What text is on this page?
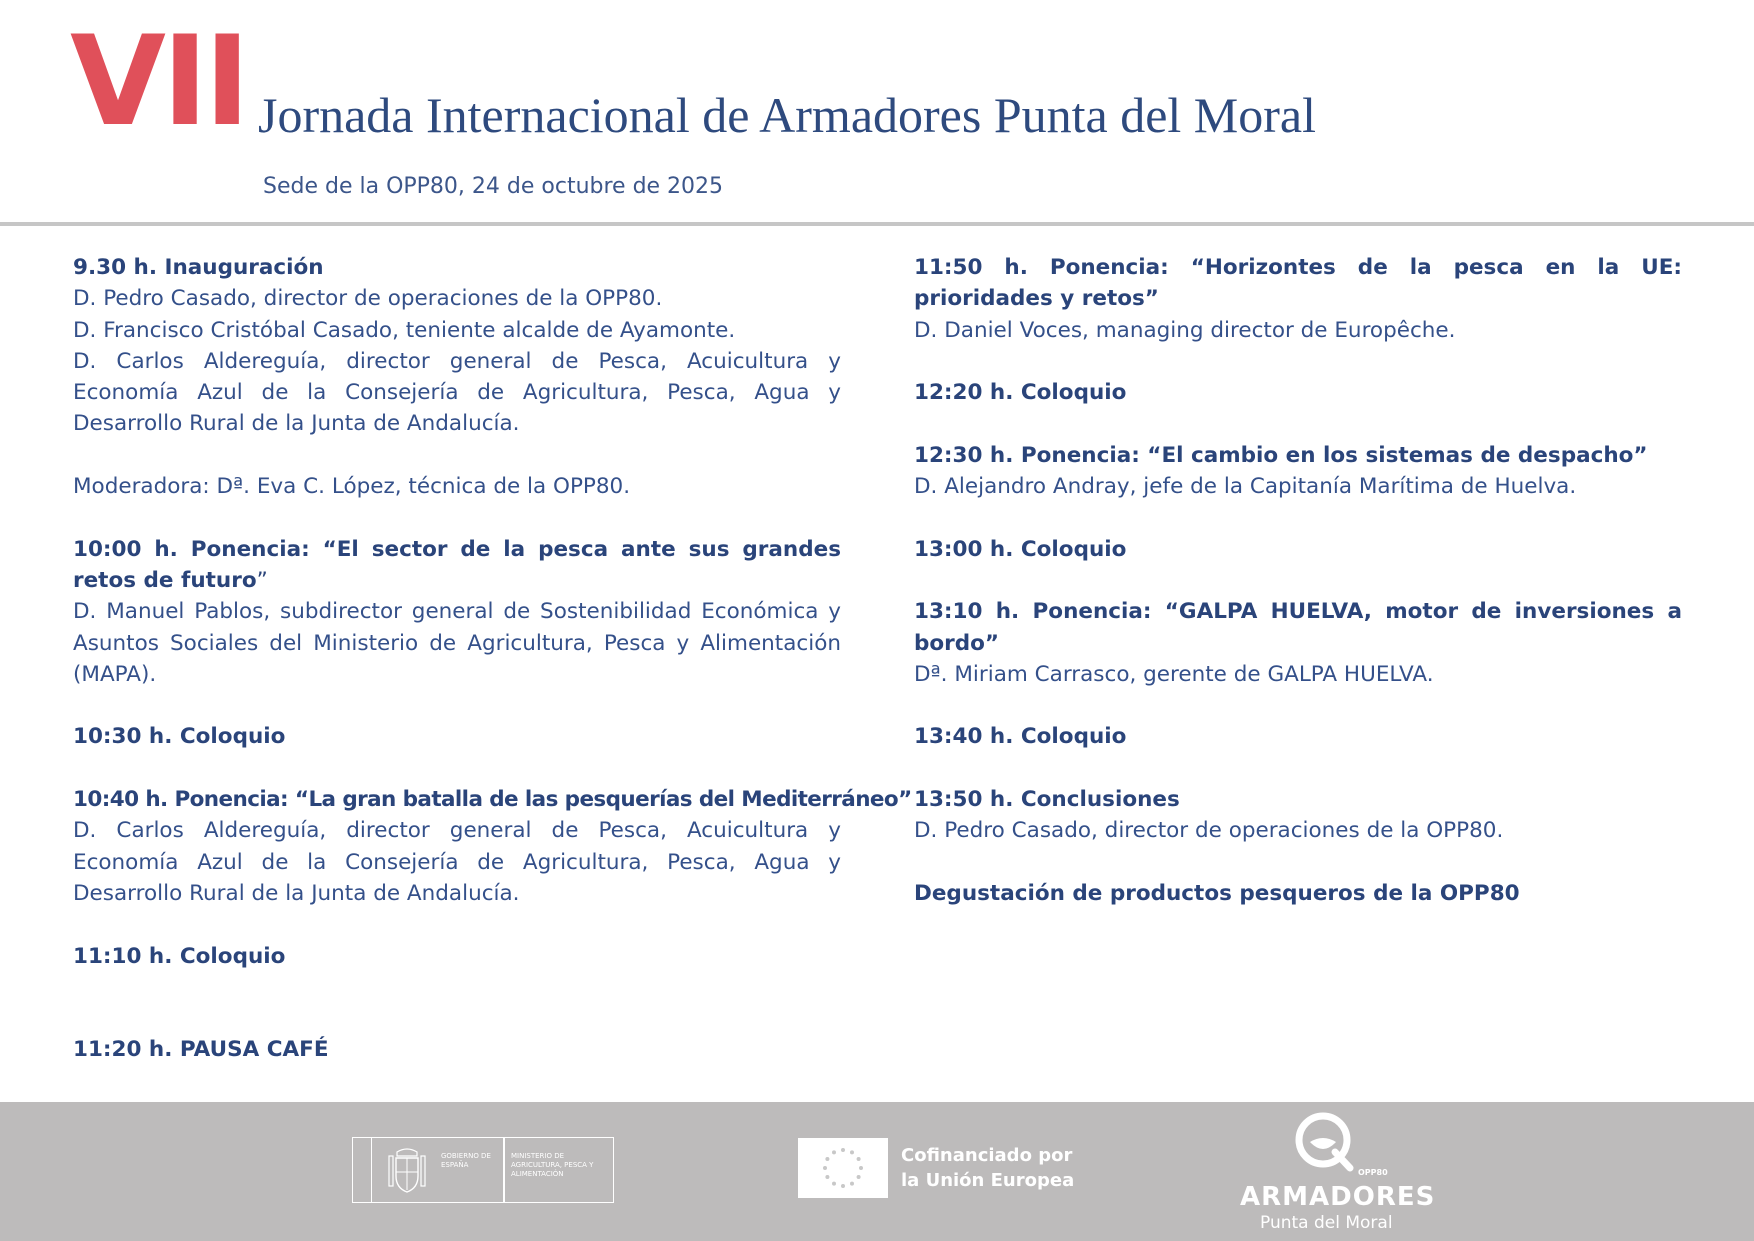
VII Jornada Internacional de Armadores Punta del Moral
Sede de la OPP80, 24 de octubre de 2025
9.30 h. Inauguración
D. Pedro Casado, director de operaciones de la OPP80.
D. Francisco Cristóbal Casado, teniente alcalde de Ayamonte.
D. Carlos Aldereguía, director general de Pesca, Acuicultura y Economía Azul de la Consejería de Agricultura, Pesca, Agua y Desarrollo Rural de la Junta de Andalucía.
Moderadora: Dª. Eva C. López, técnica de la OPP80.
10:00 h. Ponencia: “El sector de la pesca ante sus grandes retos de futuro”
D. Manuel Pablos, subdirector general de Sostenibilidad Económica y Asuntos Sociales del Ministerio de Agricultura, Pesca y Alimentación (MAPA).
10:30 h. Coloquio
10:40 h. Ponencia: “La gran batalla de las pesquerías del Mediterráneo”
D. Carlos Aldereguía, director general de Pesca, Acuicultura y Economía Azul de la Consejería de Agricultura, Pesca, Agua y Desarrollo Rural de la Junta de Andalucía.
11:10 h. Coloquio
11:20 h. PAUSA CAFÉ
11:50 h. Ponencia: “Horizontes de la pesca en la UE: prioridades y retos”
D. Daniel Voces, managing director de Europêche.
12:20 h. Coloquio
12:30 h. Ponencia: “El cambio en los sistemas de despacho”
D. Alejandro Andray, jefe de la Capitanía Marítima de Huelva.
13:00 h. Coloquio
13:10 h. Ponencia: “GALPA HUELVA, motor de inversiones a bordo”
Dª. Miriam Carrasco, gerente de GALPA HUELVA.
13:40 h. Coloquio
13:50 h. Conclusiones
D. Pedro Casado, director de operaciones de la OPP80.
Degustación de productos pesqueros de la OPP80
GOBIERNO DE ESPAÑA
MINISTERIO DE AGRICULTURA, PESCA Y ALIMENTACIÓN
Cofinanciado por
la Unión Europea	OPP80
ARMADORES
Punta del Moral
